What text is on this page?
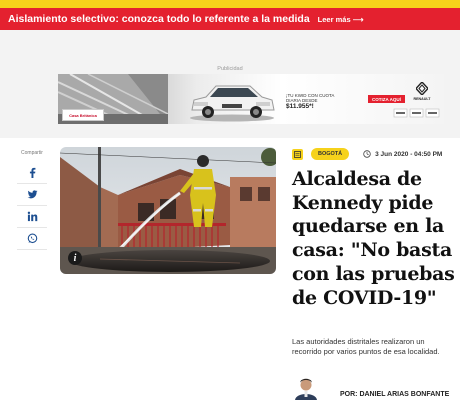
Aislamiento selectivo: conozca todo lo referente a la medida Leer más ⟶
Publicidad
Casa Británica
¡TU KWID CON CUOTA
DIARIA DESDE
$11.955*!
COTIZA AQUÍ	RENAULT
Compartir
i
BOGOTÁ	3 Jun 2020 - 04:50 PM
Alcaldesa de Kennedy pide quedarse en la casa: "No basta con las pruebas de COVID-19"

Las autoridades distritales realizaron un recorrido por varios puntos de esa localidad.

POR: DANIEL ARIAS BONFANTE
